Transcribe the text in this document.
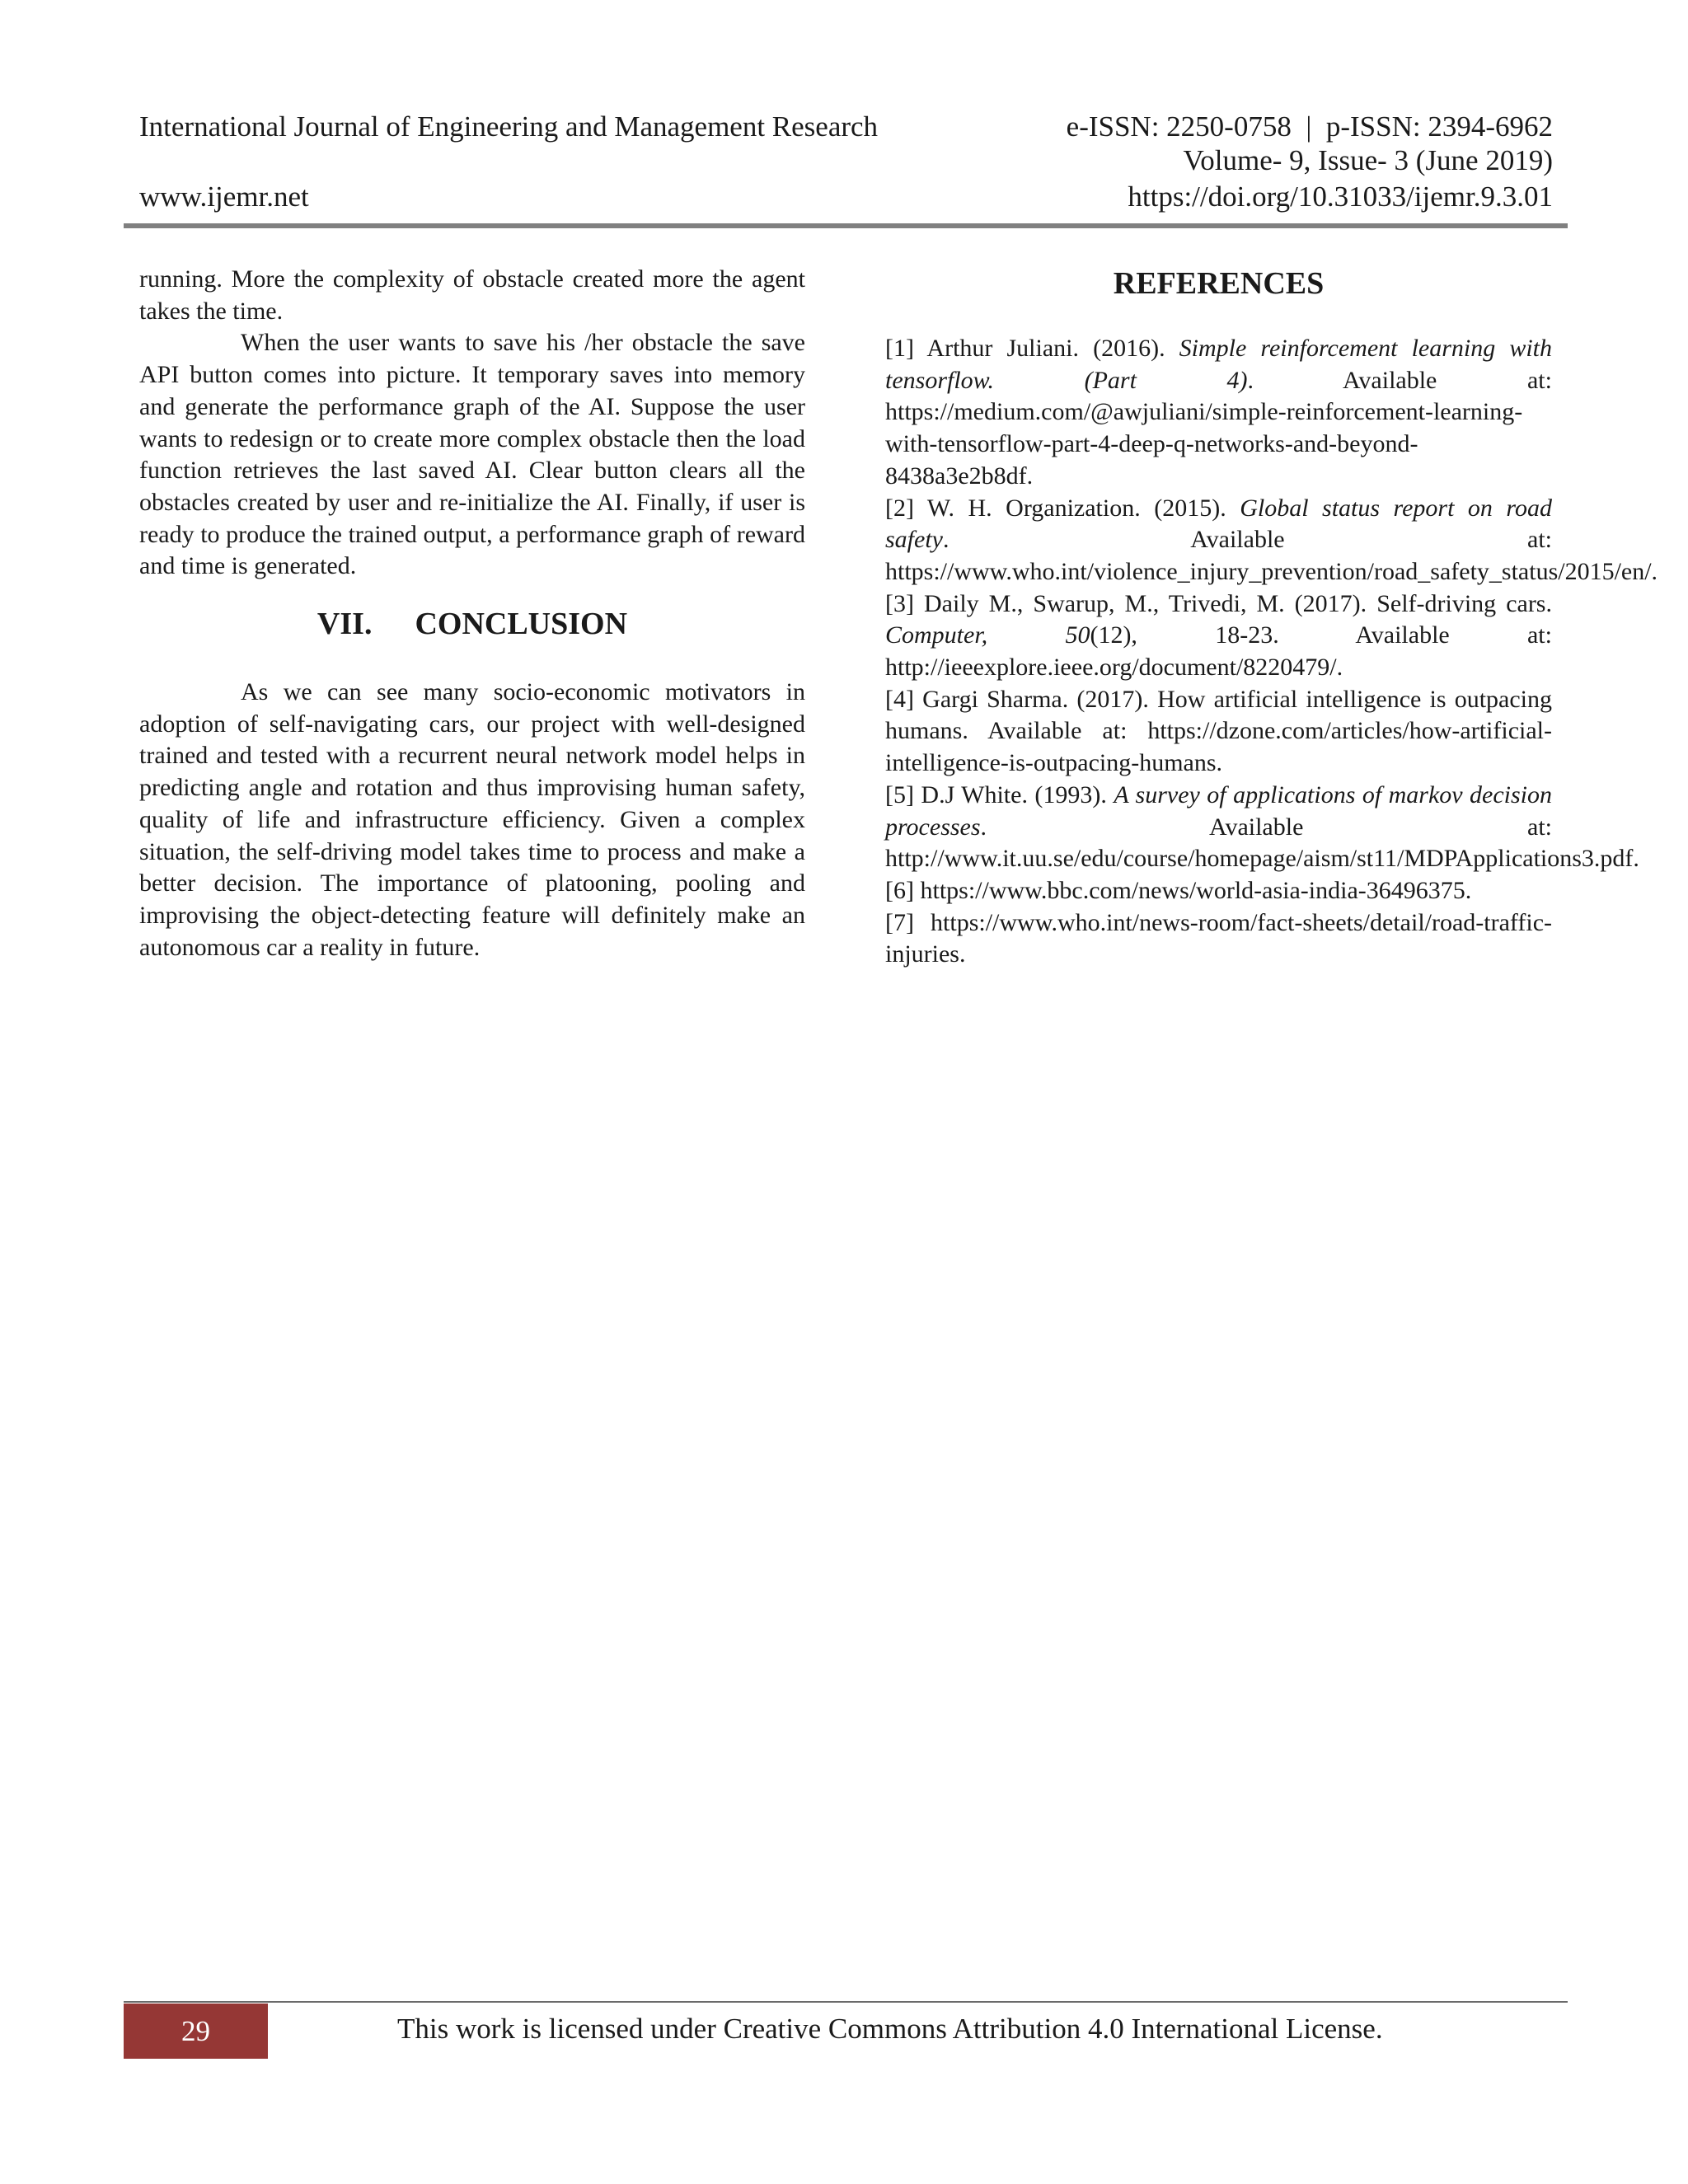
International Journal of Engineering and Management Research	e-ISSN: 2250-0758  |  p-ISSN: 2394-6962
Volume- 9, Issue- 3 (June 2019)
www.ijemr.net	https://doi.org/10.31033/ijemr.9.3.01

running. More the complexity of obstacle created more the agent takes the time.

When the user wants to save his /her obstacle the save API button comes into picture. It temporary saves into memory and generate the performance graph of the AI. Suppose the user wants to redesign or to create more complex obstacle then the load function retrieves the last saved AI. Clear button clears all the obstacles created by user and re-initialize the AI. Finally, if user is ready to produce the trained output, a performance graph of reward and time is generated.

VII. CONCLUSION

As we can see many socio-economic motivators in adoption of self-navigating cars, our project with well-designed trained and tested with a recurrent neural network model helps in predicting angle and rotation and thus improvising human safety, quality of life and infrastructure efficiency. Given a complex situation, the self-driving model takes time to process and make a better decision. The importance of platooning, pooling and improvising the object-detecting feature will definitely make an autonomous car a reality in future.

REFERENCES

[1] Arthur Juliani. (2016). Simple reinforcement learning with tensorflow. (Part 4). Available at: https://medium.com/@awjuliani/simple-reinforcement-learning-with-tensorflow-part-4-deep-q-networks-and-beyond-8438a3e2b8df.

[2] W. H. Organization. (2015). Global status report on road safety. Available at: https://www.who.int/violence_injury_prevention/road_safety_status/2015/en/.

[3] Daily M., Swarup, M., Trivedi, M. (2017). Self-driving cars. Computer, 50(12), 18-23. Available at: http://ieeexplore.ieee.org/document/8220479/.

[4] Gargi Sharma. (2017). How artificial intelligence is outpacing humans. Available at: https://dzone.com/articles/how-artificial-intelligence-is-outpacing-humans.

[5] D.J White. (1993). A survey of applications of markov decision processes. Available at: http://www.it.uu.se/edu/course/homepage/aism/st11/MDPApplications3.pdf.

[6] https://www.bbc.com/news/world-asia-india-36496375.

[7] https://www.who.int/news-room/fact-sheets/detail/road-traffic-injuries.

29	This work is licensed under Creative Commons Attribution 4.0 International License.
